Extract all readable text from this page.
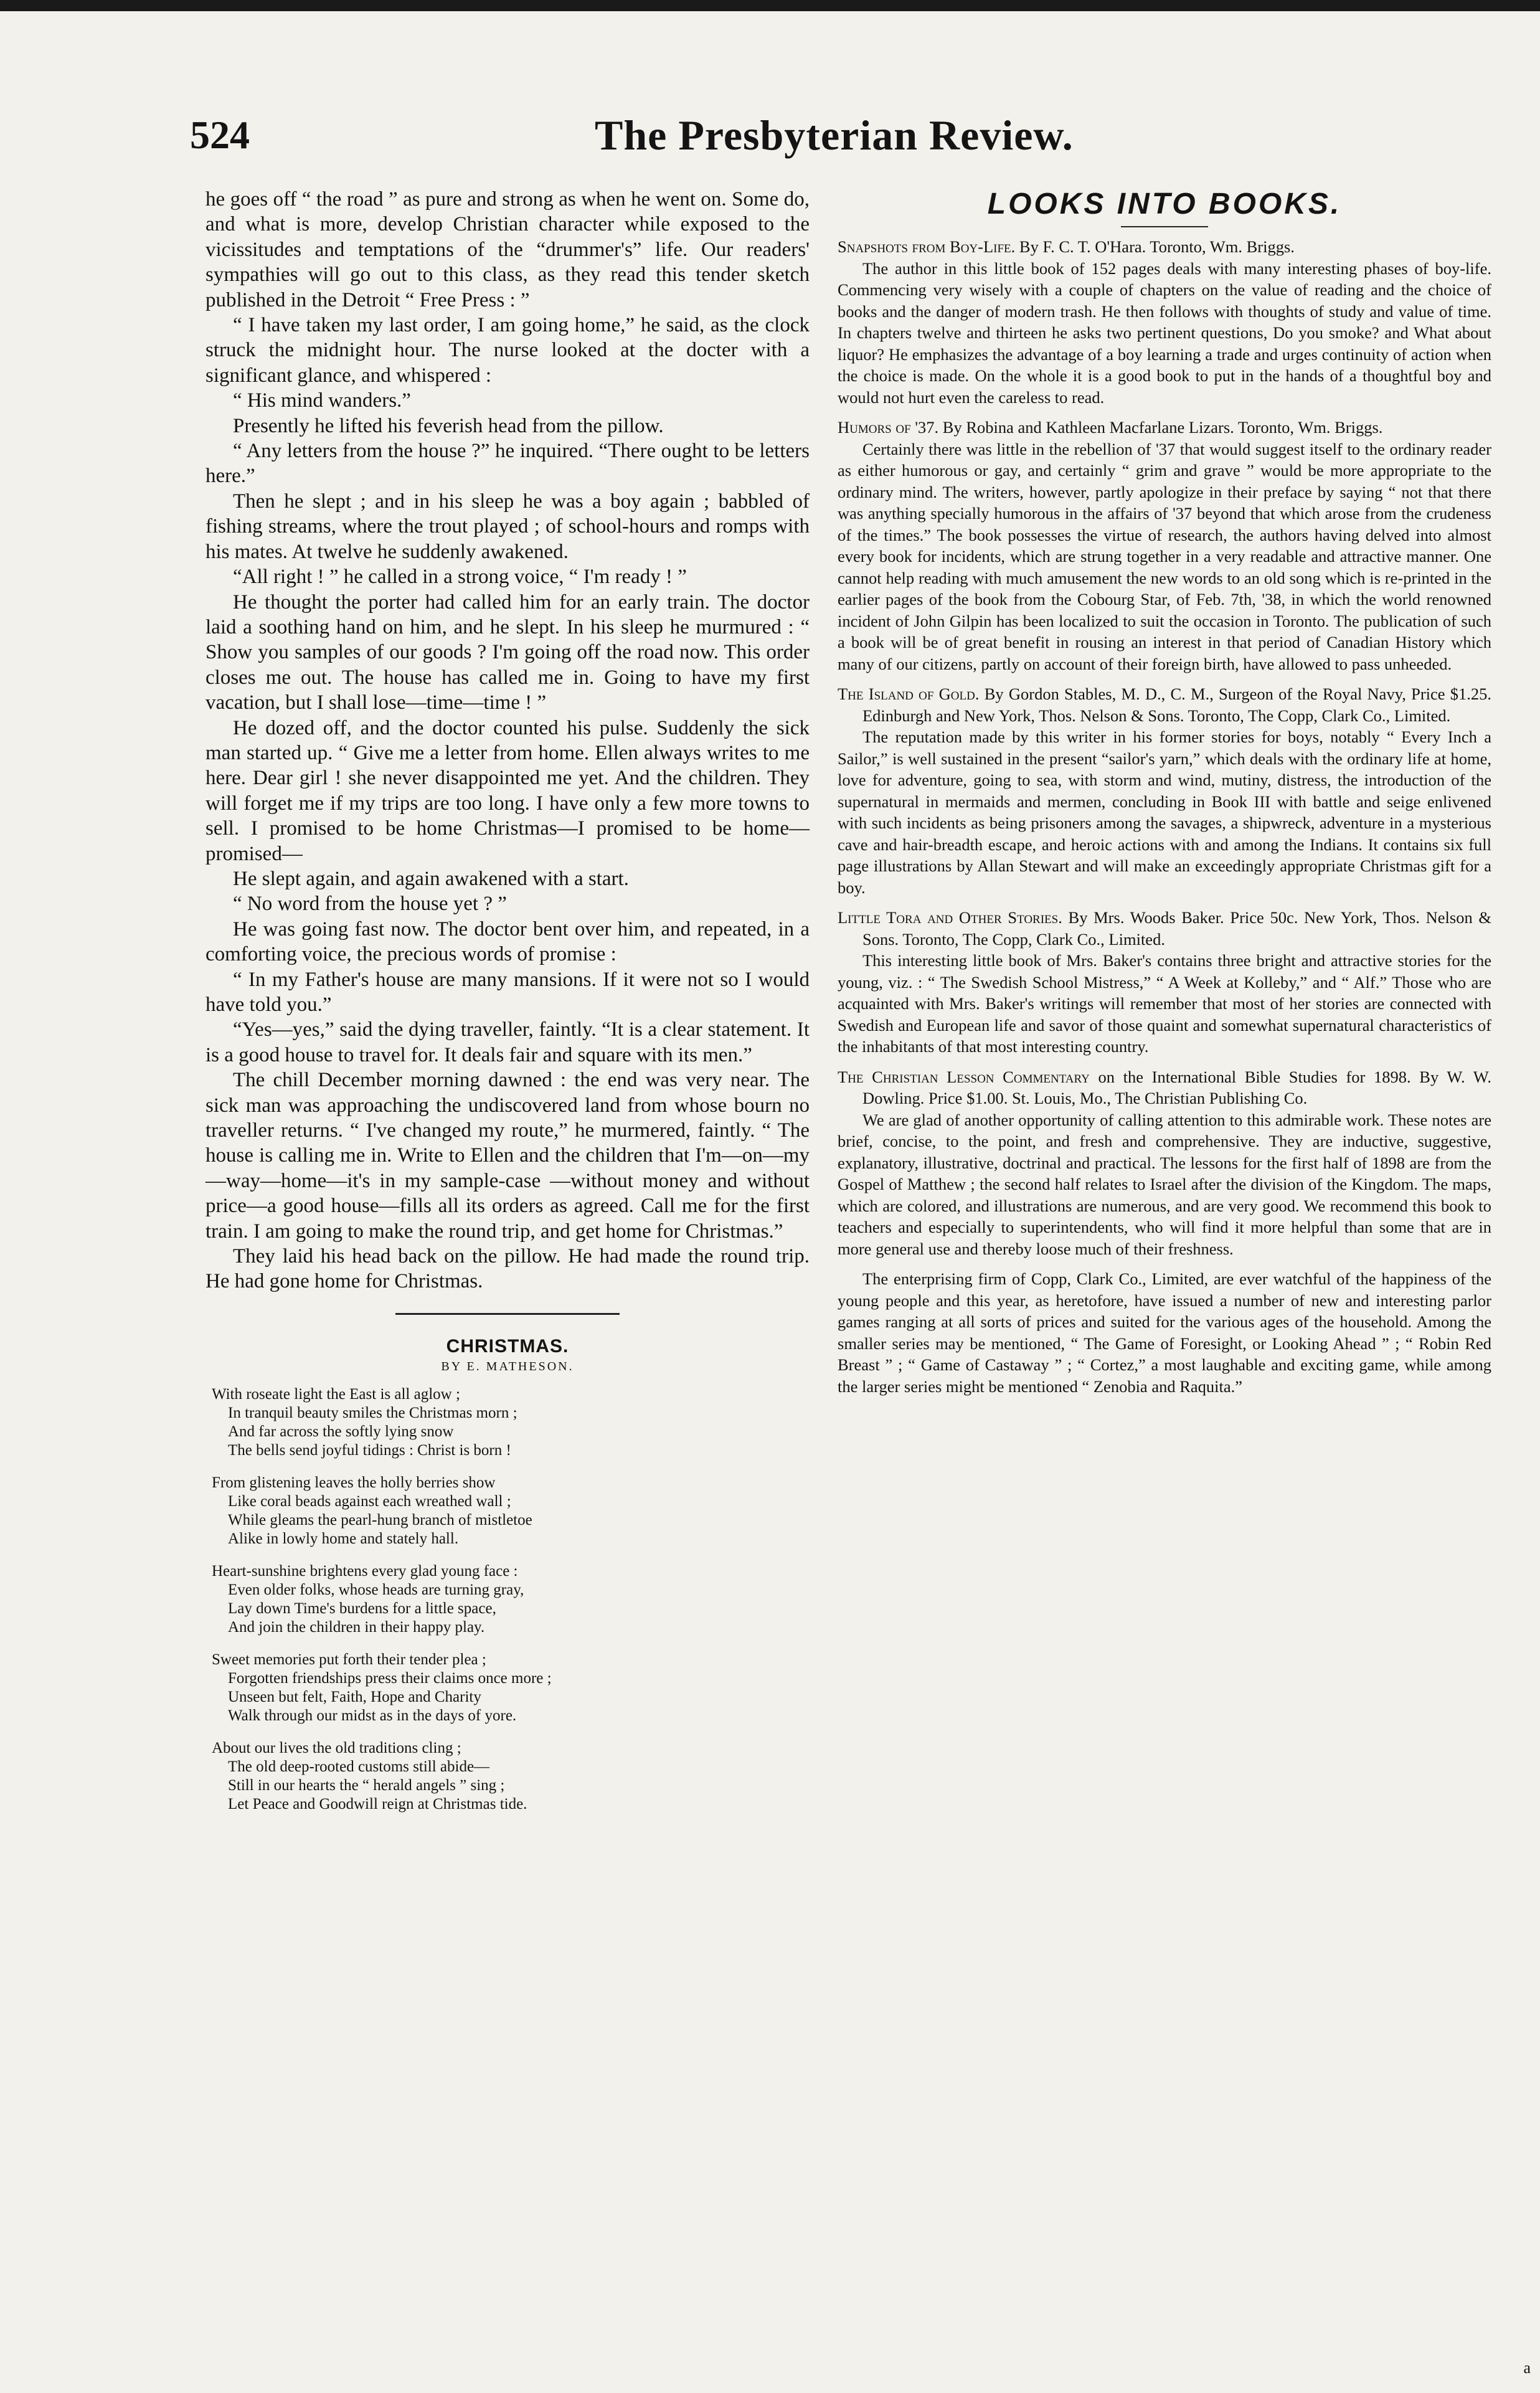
524	The Presbyterian Review.

he goes off “ the road ” as pure and strong as when he went on. Some do, and what is more, develop Christian character while exposed to the vicissitudes and temptations of the “drummer's” life. Our readers' sympathies will go out to this class, as they read this tender sketch published in the Detroit “ Free Press : ”

“ I have taken my last order, I am going home,” he said, as the clock struck the midnight hour. The nurse looked at the docter with a significant glance, and whispered :

“ His mind wanders.”

Presently he lifted his feverish head from the pillow.

“ Any letters from the house ?” he inquired. “There ought to be letters here.”

Then he slept ; and in his sleep he was a boy again ; babbled of fishing streams, where the trout played ; of school-hours and romps with his mates. At twelve he suddenly awakened.

“All right ! ” he called in a strong voice, “ I'm ready ! ”

He thought the porter had called him for an early train. The doctor laid a soothing hand on him, and he slept. In his sleep he murmured : “ Show you samples of our goods ? I'm going off the road now. This order closes me out. The house has called me in. Going to have my first vacation, but I shall lose—time—time ! ”

He dozed off, and the doctor counted his pulse. Suddenly the sick man started up. “ Give me a letter from home. Ellen always writes to me here. Dear girl ! she never disappointed me yet. And the children. They will forget me if my trips are too long. I have only a few more towns to sell. I promised to be home Christmas—I promised to be home—promised—

He slept again, and again awakened with a start.

“ No word from the house yet ? ”

He was going fast now. The doctor bent over him, and repeated, in a comforting voice, the precious words of promise :

“ In my Father's house are many mansions. If it were not so I would have told you.”

“Yes—yes,” said the dying traveller, faintly. “It is a clear statement. It is a good house to travel for. It deals fair and square with its men.”

The chill December morning dawned : the end was very near. The sick man was approaching the undiscovered land from whose bourn no traveller returns. “ I've changed my route,” he murmered, faintly. “ The house is calling me in. Write to Ellen and the children that I'm—on—my—way—home—it's in my sample-case —without money and without price—a good house—fills all its orders as agreed. Call me for the first train. I am going to make the round trip, and get home for Christmas.”

They laid his head back on the pillow. He had made the round trip. He had gone home for Christmas.

CHRISTMAS.
BY E. MATHESON.
With roseate light the East is all aglow ;
In tranquil beauty smiles the Christmas morn ;
And far across the softly lying snow
The bells send joyful tidings : Christ is born !
From glistening leaves the holly berries show
Like coral beads against each wreathed wall ;
While gleams the pearl-hung branch of mistletoe
Alike in lowly home and stately hall.
Heart-sunshine brightens every glad young face :
Even older folks, whose heads are turning gray,
Lay down Time's burdens for a little space,
And join the children in their happy play.
Sweet memories put forth their tender plea ;
Forgotten friendships press their claims once more ;
Unseen but felt, Faith, Hope and Charity
Walk through our midst as in the days of yore.
About our lives the old traditions cling ;
The old deep-rooted customs still abide—
Still in our hearts the “ herald angels ” sing ;
Let Peace and Goodwill reign at Christmas tide.
LOOKS INTO BOOKS.

Snapshots from Boy-Life. By F. C. T. O'Hara. Toronto, Wm. Briggs.

The author in this little book of 152 pages deals with many interesting phases of boy-life. Commencing very wisely with a couple of chapters on the value of reading and the choice of books and the danger of modern trash. He then follows with thoughts of study and value of time. In chapters twelve and thirteen he asks two pertinent questions, Do you smoke? and What about liquor? He emphasizes the advantage of a boy learning a trade and urges continuity of action when the choice is made. On the whole it is a good book to put in the hands of a thoughtful boy and would not hurt even the careless to read.

Humors of '37. By Robina and Kathleen Macfarlane Lizars. Toronto, Wm. Briggs.

Certainly there was little in the rebellion of '37 that would suggest itself to the ordinary reader as either humorous or gay, and certainly “ grim and grave ” would be more appropriate to the ordinary mind. The writers, however, partly apologize in their preface by saying “ not that there was anything specially humorous in the affairs of '37 beyond that which arose from the crudeness of the times.” The book possesses the virtue of research, the authors having delved into almost every book for incidents, which are strung together in a very readable and attractive manner. One cannot help reading with much amusement the new words to an old song which is re-printed in the earlier pages of the book from the Cobourg Star, of Feb. 7th, '38, in which the world renowned incident of John Gilpin has been localized to suit the occasion in Toronto. The publication of such a book will be of great benefit in rousing an interest in that period of Canadian History which many of our citizens, partly on account of their foreign birth, have allowed to pass unheeded.

The Island of Gold. By Gordon Stables, M. D., C. M., Surgeon of the Royal Navy, Price $1.25. Edinburgh and New York, Thos. Nelson & Sons. Toronto, The Copp, Clark Co., Limited.

The reputation made by this writer in his former stories for boys, notably “ Every Inch a Sailor,” is well sustained in the present “sailor's yarn,” which deals with the ordinary life at home, love for adventure, going to sea, with storm and wind, mutiny, distress, the introduction of the supernatural in mermaids and mermen, concluding in Book III with battle and seige enlivened with such incidents as being prisoners among the savages, a shipwreck, adventure in a mysterious cave and hair-breadth escape, and heroic actions with and among the Indians. It contains six full page illustrations by Allan Stewart and will make an exceedingly appropriate Christmas gift for a boy.

Little Tora and Other Stories. By Mrs. Woods Baker. Price 50c. New York, Thos. Nelson & Sons. Toronto, The Copp, Clark Co., Limited.

This interesting little book of Mrs. Baker's contains three bright and attractive stories for the young, viz. : “ The Swedish School Mistress,” “ A Week at Kolleby,” and “ Alf.” Those who are acquainted with Mrs. Baker's writings will remember that most of her stories are connected with Swedish and European life and savor of those quaint and somewhat supernatural characteristics of the inhabitants of that most interesting country.

The Christian Lesson Commentary on the International Bible Studies for 1898. By W. W. Dowling. Price $1.00. St. Louis, Mo., The Christian Publishing Co.

We are glad of another opportunity of calling attention to this admirable work. These notes are brief, concise, to the point, and fresh and comprehensive. They are inductive, suggestive, explanatory, illustrative, doctrinal and practical. The lessons for the first half of 1898 are from the Gospel of Matthew ; the second half relates to Israel after the division of the Kingdom. The maps, which are colored, and illustrations are numerous, and are very good. We recommend this book to teachers and especially to superintendents, who will find it more helpful than some that are in more general use and thereby loose much of their freshness.

The enterprising firm of Copp, Clark Co., Limited, are ever watchful of the happiness of the young people and this year, as heretofore, have issued a number of new and interesting parlor games ranging at all sorts of prices and suited for the various ages of the household. Among the smaller series may be mentioned, “ The Game of Foresight, or Looking Ahead ” ; “ Robin Red Breast ” ; “ Game of Castaway ” ; “ Cortez,” a most laughable and exciting game, while among the larger series might be mentioned “ Zenobia and Raquita.”

a
